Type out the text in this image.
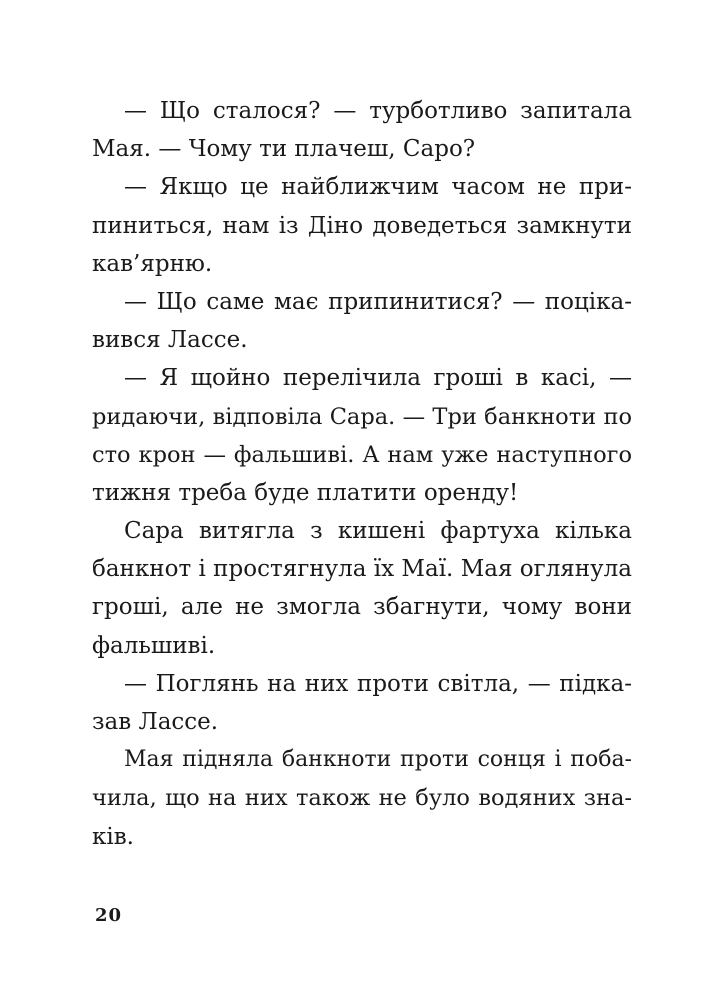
— Що сталося? — турботливо запитала
Мая. — Чому ти плачеш, Саро?
— Якщо це найближчим часом не при-
пиниться, нам із Діно доведеться замкнути
кав’ярню.
— Що саме має припинитися? — поціка-
вився Лассе.
— Я щойно перелічила гроші в касі, —
ридаючи, відповіла Сара. — Три банкноти по
сто крон — фальшиві. А нам уже наступного
тижня треба буде платити оренду!
Сара витягла з кишені фартуха кілька
банкнот і простягнула їх Маї. Мая оглянула
гроші, але не змогла збагнути, чому вони
фальшиві.
— Поглянь на них проти світла, — підка-
зав Лассе.
Мая підняла банкноти проти сонця і поба-
чила, що на них також не було водяних зна-
ків.
20
